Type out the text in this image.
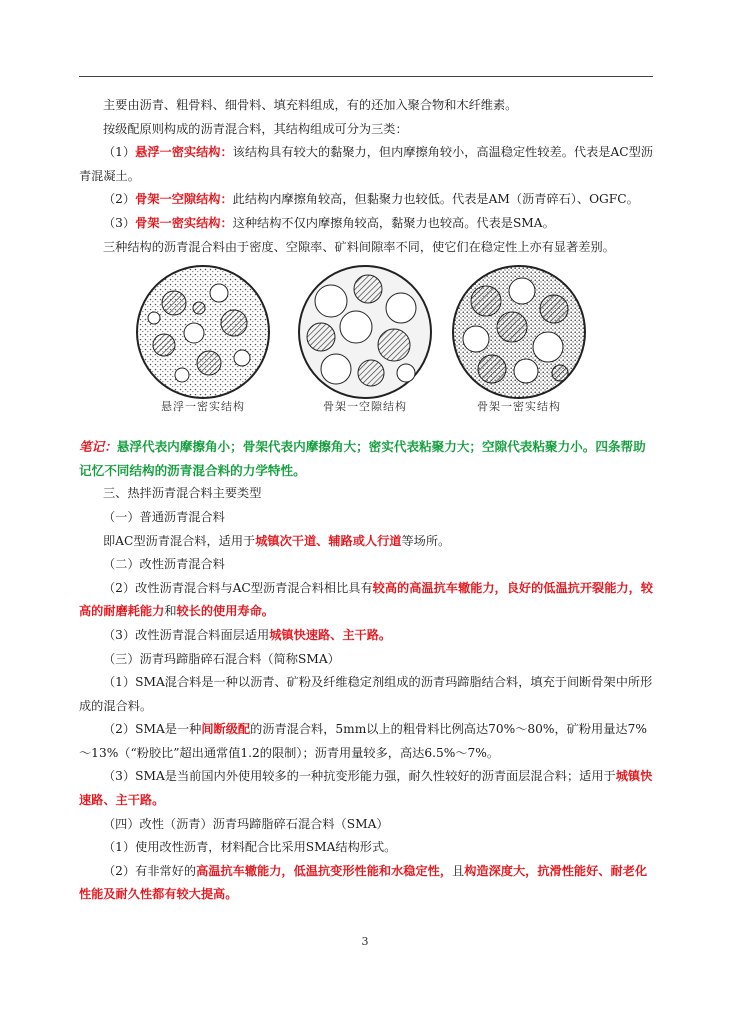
主要由沥青、粗骨料、细骨料、填充料组成，有的还加入聚合物和木纤维素。

按级配原则构成的沥青混合料，其结构组成可分为三类：

（1）悬浮一密实结构：该结构具有较大的黏聚力，但内摩擦角较小，高温稳定性较差。代表是AC型沥青混凝土。

（2）骨架一空隙结构：此结构内摩擦角较高，但黏聚力也较低。代表是AM（沥青碎石）、OGFC。

（3）骨架一密实结构：这种结构不仅内摩擦角较高，黏聚力也较高。代表是SMA。

三种结构的沥青混合料由于密度、空隙率、矿料间隙率不同，使它们在稳定性上亦有显著差别。

悬浮一密实结构	骨架一空隙结构	骨架一密实结构

笔记：悬浮代表内摩擦角小；骨架代表内摩擦角大；密实代表粘聚力大；空隙代表粘聚力小。四条帮助记忆不同结构的沥青混合料的力学特性。

三、热拌沥青混合料主要类型

（一）普通沥青混合料

即AC型沥青混合料，适用于城镇次干道、辅路或人行道等场所。

（二）改性沥青混合料

（2）改性沥青混合料与AC型沥青混合料相比具有较高的高温抗车辙能力，良好的低温抗开裂能力，较高的耐磨耗能力和较长的使用寿命。

（3）改性沥青混合料面层适用城镇快速路、主干路。

（三）沥青玛蹄脂碎石混合料（简称SMA）

（1）SMA混合料是一种以沥青、矿粉及纤维稳定剂组成的沥青玛蹄脂结合料，填充于间断骨架中所形成的混合料。

（2）SMA是一种间断级配的沥青混合料，5mm以上的粗骨料比例高达70%～80%，矿粉用量达7%～13%（“粉胶比”超出通常值1.2的限制）；沥青用量较多，高达6.5%～7%。

（3）SMA是当前国内外使用较多的一种抗变形能力强，耐久性较好的沥青面层混合料；适用于城镇快速路、主干路。

（四）改性（沥青）沥青玛蹄脂碎石混合料（SMA）

（1）使用改性沥青，材料配合比采用SMA结构形式。

（2）有非常好的高温抗车辙能力，低温抗变形性能和水稳定性，且构造深度大，抗滑性能好、耐老化性能及耐久性都有较大提高。

3
